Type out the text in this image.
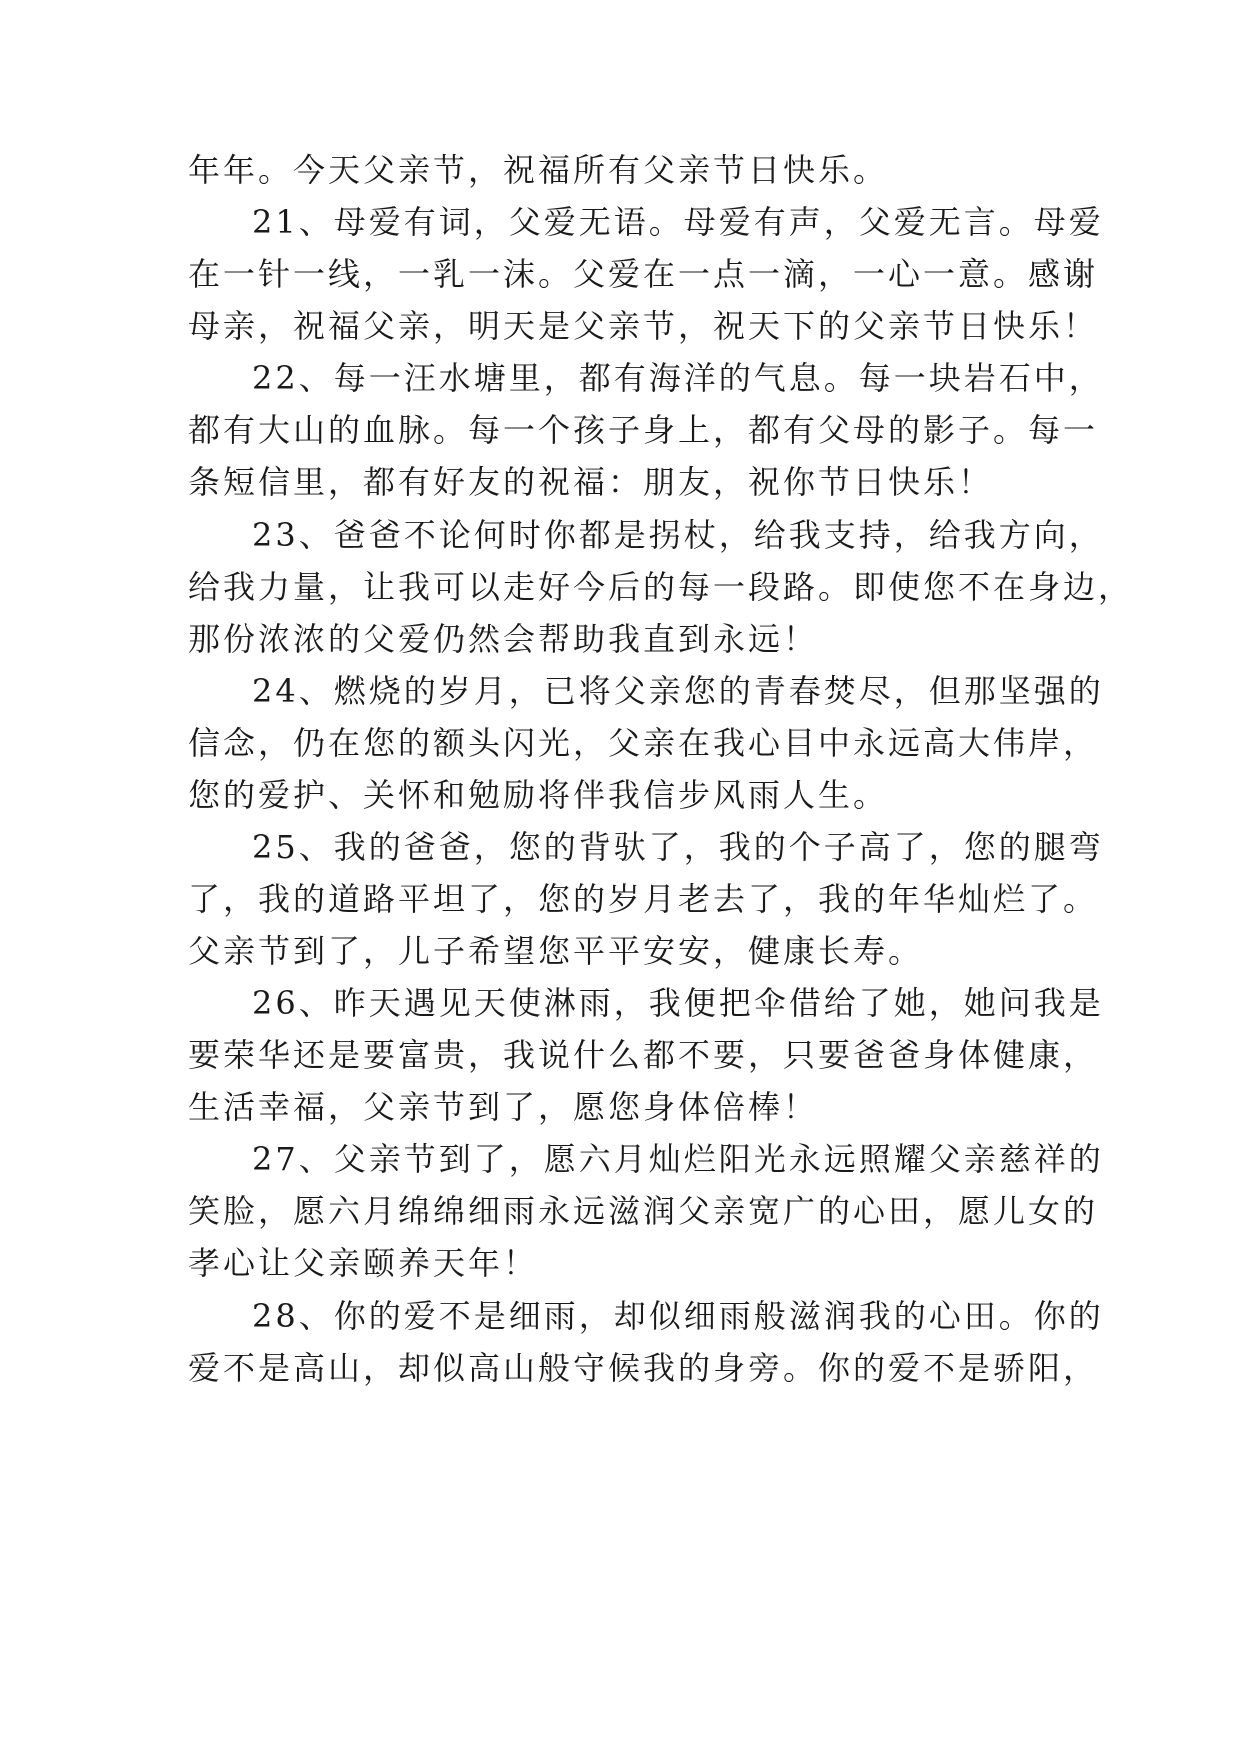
年年。今天父亲节，祝福所有父亲节日快乐。
21、母爱有词，父爱无语。母爱有声，父爱无言。母爱
在一针一线，一乳一沫。父爱在一点一滴，一心一意。感谢
母亲，祝福父亲，明天是父亲节，祝天下的父亲节日快乐！
22、每一汪水塘里，都有海洋的气息。每一块岩石中，
都有大山的血脉。每一个孩子身上，都有父母的影子。每一
条短信里，都有好友的祝福：朋友，祝你节日快乐！
23、爸爸不论何时你都是拐杖，给我支持，给我方向，
给我力量，让我可以走好今后的每一段路。即使您不在身边，
那份浓浓的父爱仍然会帮助我直到永远！
24、燃烧的岁月，已将父亲您的青春焚尽，但那坚强的
信念，仍在您的额头闪光，父亲在我心目中永远高大伟岸，
您的爱护、关怀和勉励将伴我信步风雨人生。
25、我的爸爸，您的背驮了，我的个子高了，您的腿弯
了，我的道路平坦了，您的岁月老去了，我的年华灿烂了。
父亲节到了，儿子希望您平平安安，健康长寿。
26、昨天遇见天使淋雨，我便把伞借给了她，她问我是
要荣华还是要富贵，我说什么都不要，只要爸爸身体健康，
生活幸福，父亲节到了，愿您身体倍棒！
27、父亲节到了，愿六月灿烂阳光永远照耀父亲慈祥的
笑脸，愿六月绵绵细雨永远滋润父亲宽广的心田，愿儿女的
孝心让父亲颐养天年！
28、你的爱不是细雨，却似细雨般滋润我的心田。你的
爱不是高山，却似高山般守候我的身旁。你的爱不是骄阳，
